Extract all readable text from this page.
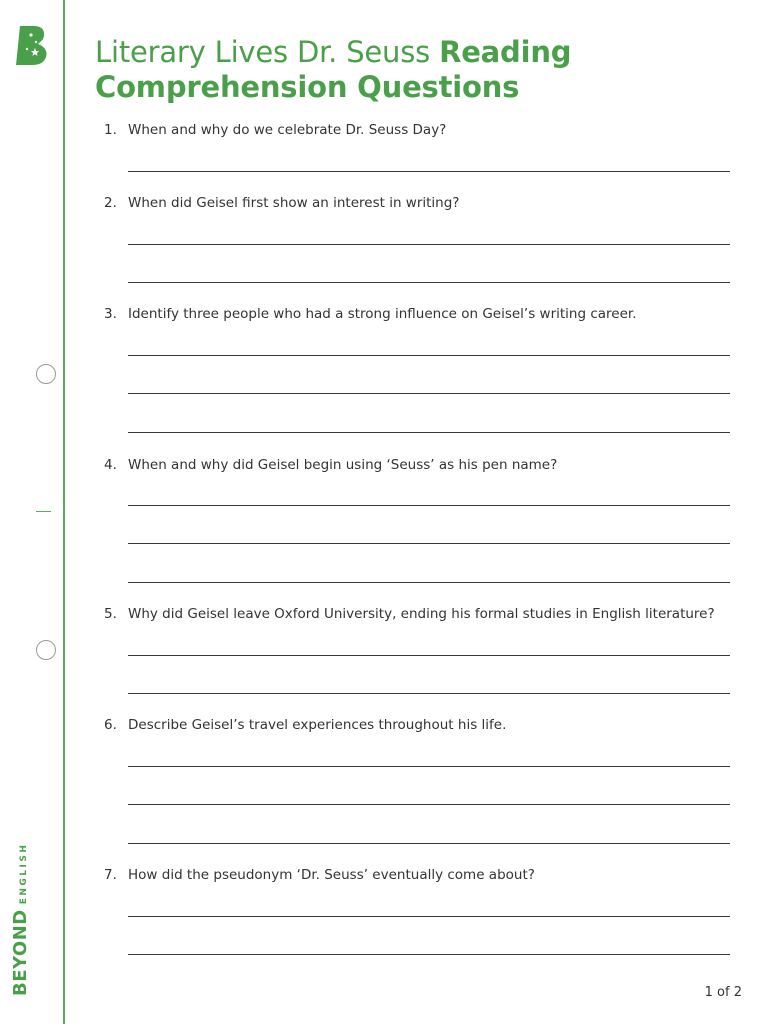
BEYOND
ENGLISH
Literary Lives Dr. Seuss Reading Comprehension Questions
1. When and why do we celebrate Dr. Seuss Day?
2. When did Geisel first show an interest in writing?
3. Identify three people who had a strong influence on Geisel’s writing career.
4. When and why did Geisel begin using ‘Seuss’ as his pen name?
5. Why did Geisel leave Oxford University, ending his formal studies in English literature?
6. Describe Geisel’s travel experiences throughout his life.
7. How did the pseudonym ‘Dr. Seuss’ eventually come about?
1 of 2
